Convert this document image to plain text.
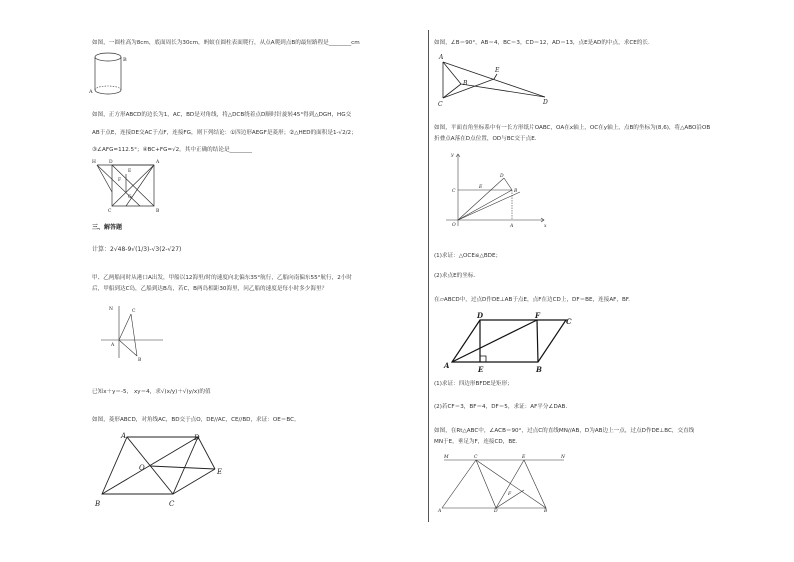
如图，一圆柱高为8cm，底面周长为30cm，蚂蚁在圆柱表面爬行，从点A爬到点B的最短路程是________cm
B
A
如图，正方形ABCD的边长为1，AC，BD是对角线，将△DCB绕着点D顺时针旋转45°得到△DGH，HG交
AB于点E，连接DE交AC于点F，连接FG，则下列结论：①四边形AEGF是菱形；②△HED的面积是1-√2/2；
③∠AFG=112.5°；④BC+FG=√2。其中正确的结论是________
H	D	A
C	B
E
F
G
三、解答题
计算：2√48-9√(1/3)-√3(2-√27)
甲、乙两船同时从港口A出发，甲船以12海里/时的速度向北偏东35°航行，乙船向南偏东55°航行，2小时
后，甲船到达C岛，乙船到达B岛，若C，B两岛相距30海里，问乙船的速度是每小时多少海里？
N	C
A
B
已知x＋y＝-5， xy＝4，求√(x/y)＋√(y/x)的值
如图，菱形ABCD，对角线AC，BD交于点O，DE//AC，CE//BD，求证：OE＝BC。
A	D
O	E
B	C
如图，∠B＝90°，AB＝4，BC＝3，CD＝12，AD＝13，点E是AD的中点，求CE的长.
A
E
B
C	D
如图，平面直角坐标系中有一长方形纸片OABC，OA在x轴上，OC在y轴上，点B的坐标为(8,6)，将△ABO沿OB
折叠点A落在D点位置，OD与BC交于点E.
y
C
E
B
D
O	A	x
(1)求证：△OCE≌△BDE；
(2)求点E的坐标.
在▱ABCD中，过点D作DE⊥AB于点E，点F在边CD上，DF＝BE，连接AF，BF.
D	F
C
A	E	B
(1)求证：四边形BFDE是矩形；
(2)若CF＝3，BF＝4，DF＝5，求证：AF平分∠DAB.
如图，在Rt△ABC中，∠ACB＝90°，过点C的直线MN//AB，D为AB边上一点，过点D作DE⊥BC，交直线
MN于E，垂足为F，连接CD，BE.
M	C	E	N
A	D	B
F
